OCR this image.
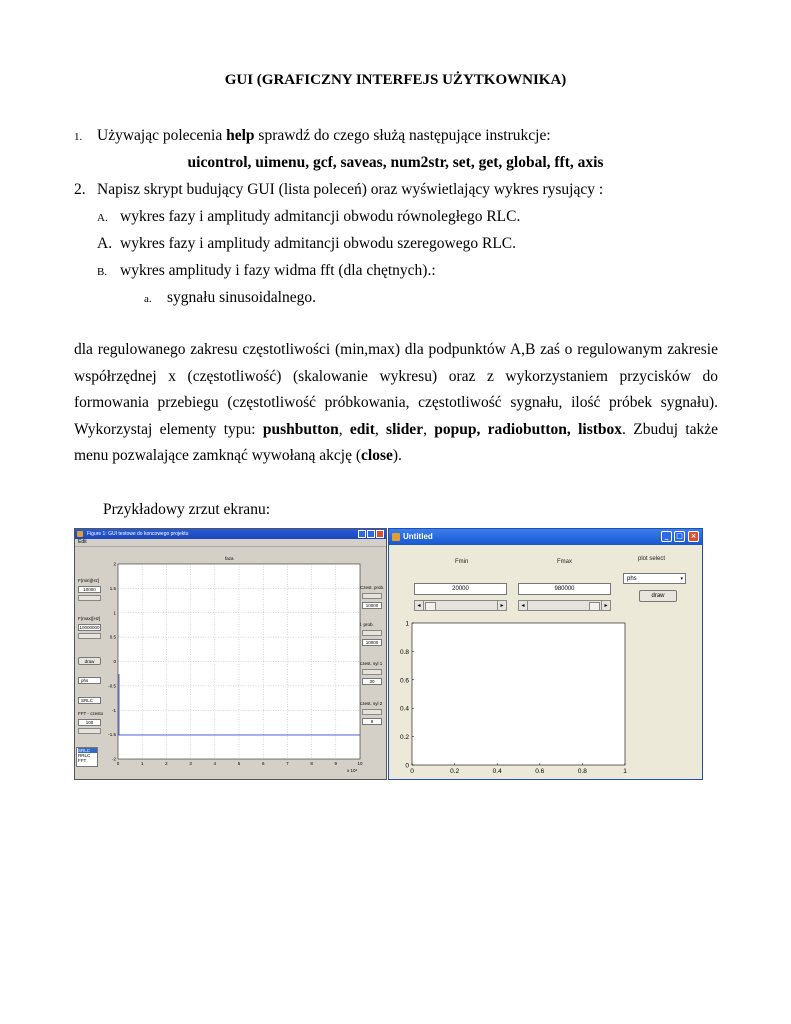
GUI (GRAFICZNY INTERFEJS UŻYTKOWNIKA)
1. Używając polecenia help sprawdź do czego służą następujące instrukcje:
uicontrol, uimenu, gcf, saveas, num2str, set, get, global, fft, axis
2. Napisz skrypt budujący GUI (lista poleceń) oraz wyświetlający wykres rysujący :
A. wykres fazy i amplitudy admitancji obwodu równoległego RLC.
A. wykres fazy i amplitudy admitancji obwodu szeregowego RLC.
B. wykres amplitudy i fazy widma fft (dla chętnych).:
a. sygnału sinusoidalnego.
dla regulowanego zakresu częstotliwości (min,max) dla podpunktów A,B zaś o regulowanym zakresie współrzędnej x (częstotliwość) (skalowanie wykresu) oraz z wykorzystaniem przycisków do formowania przebiegu (częstotliwość próbkowania, częstotliwość sygnału, ilość próbek sygnału). Wykorzystaj elementy typu: pushbutton, edit, slider, popup, radiobutton, listbox. Zbuduj także menu pozwalające zamknąć wywołaną akcję (close).
Przykładowy zrzut ekranu:
Figure 1: GUI testowe do koncowego projektu
Edit
F(min)[Hz]
10000
F(max)[Hz]
10000000
draw
phs
SRLC
FFT - czesto
100
SRLC
RRLC
FFT
faza
2
1.5
1
0.5
0
-0.5
-1
-1.5
-2
0	1	2	3	4	5	6	7	8	9	10
x 10⁶
Czest. prob.
10000
l. prob.
10000
czest. syl 1
30
czest. syl 2
9
Untitled	_	□	×
Fmin	Fmax	plot select
20000	980000
◂	▸	◂	▸
phs	▾
draw
1
0.8
0.6
0.4
0.2
0
0	0.2	0.4	0.6	0.8	1
